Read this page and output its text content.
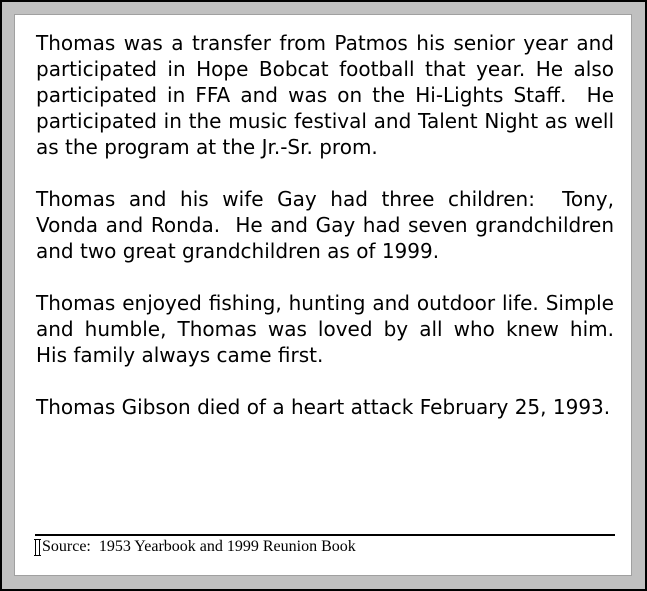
Thomas was a transfer from Patmos his senior year and participated in Hope Bobcat football that year. He also participated in FFA and was on the Hi-Lights Staff.  He participated in the music festival and Talent Night as well as the program at the Jr.-Sr. prom.

Thomas and his wife Gay had three children:  Tony, Vonda and Ronda.  He and Gay had seven grandchildren and two great grandchildren as of 1999.

Thomas enjoyed fishing, hunting and outdoor life. Simple and humble, Thomas was loved by all who knew him.  His family always came first.

Thomas Gibson died of a heart attack February 25, 1993.

Source:  1953 Yearbook and 1999 Reunion Book
